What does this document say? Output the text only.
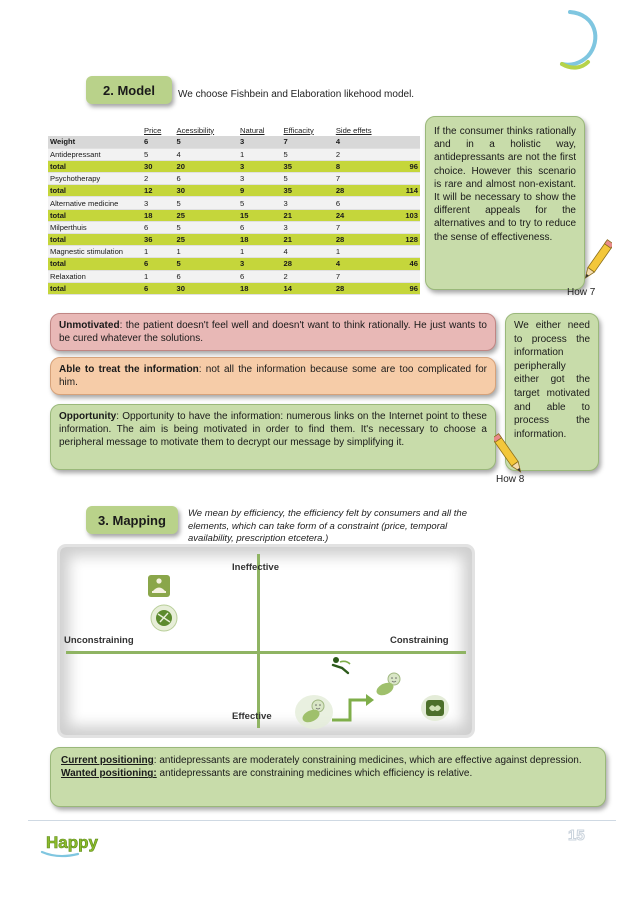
2. Model We choose Fishbein and Elaboration likehood model.
	Price	Acessibility	Natural	Efficacity	Side effets	
Weight	6	5	3	7	4	
Antidepressant	5	4	1	5	2	
total	30	20	3	35	8	96
Psychotherapy	2	6	3	5	7	
total	12	30	9	35	28	114
Alternative medicine	3	5	5	3	6	
total	18	25	15	21	24	103
Milperthuis	6	5	6	3	7	
total	36	25	18	21	28	128
Magnestic stimulation	1	1	1	4	1	
total	6	5	3	28	4	46
Relaxation	1	6	6	2	7	
total	6	30	18	14	28	96
If the consumer thinks rationally and in a holistic way, antidepressants are not the first choice. However this scenario is rare and almost non-existant. It will be necessary to show the different appeals for the alternatives and to try to reduce the sense of effectiveness.
How 7
Unmotivated: the patient doesn't feel well and doesn't want to think rationally. He just wants to be cured whatever the solutions.
Able to treat the information: not all the information because some are too complicated for him.
Opportunity: Opportunity to have the information: numerous links on the Internet point to these information. The aim is being motivated in order to find them. It's necessary to choose a peripheral message to motivate them to decrypt our message by simplifying it.
We either need to process the information peripherally either got the target motivated and able to process the information.
How 8
3. Mapping We mean by efficiency, the efficiency felt by consumers and all the elements, which can take form of a constraint (price, temporal availability, prescription etcetera.)
Ineffective
Effective
Unconstraining	Constraining
Current positioning: antidepressants are moderately constraining medicines, which are effective against depression.
Wanted positioning: antidepressants are constraining medicines which efficiency is relative.
Happy	15
